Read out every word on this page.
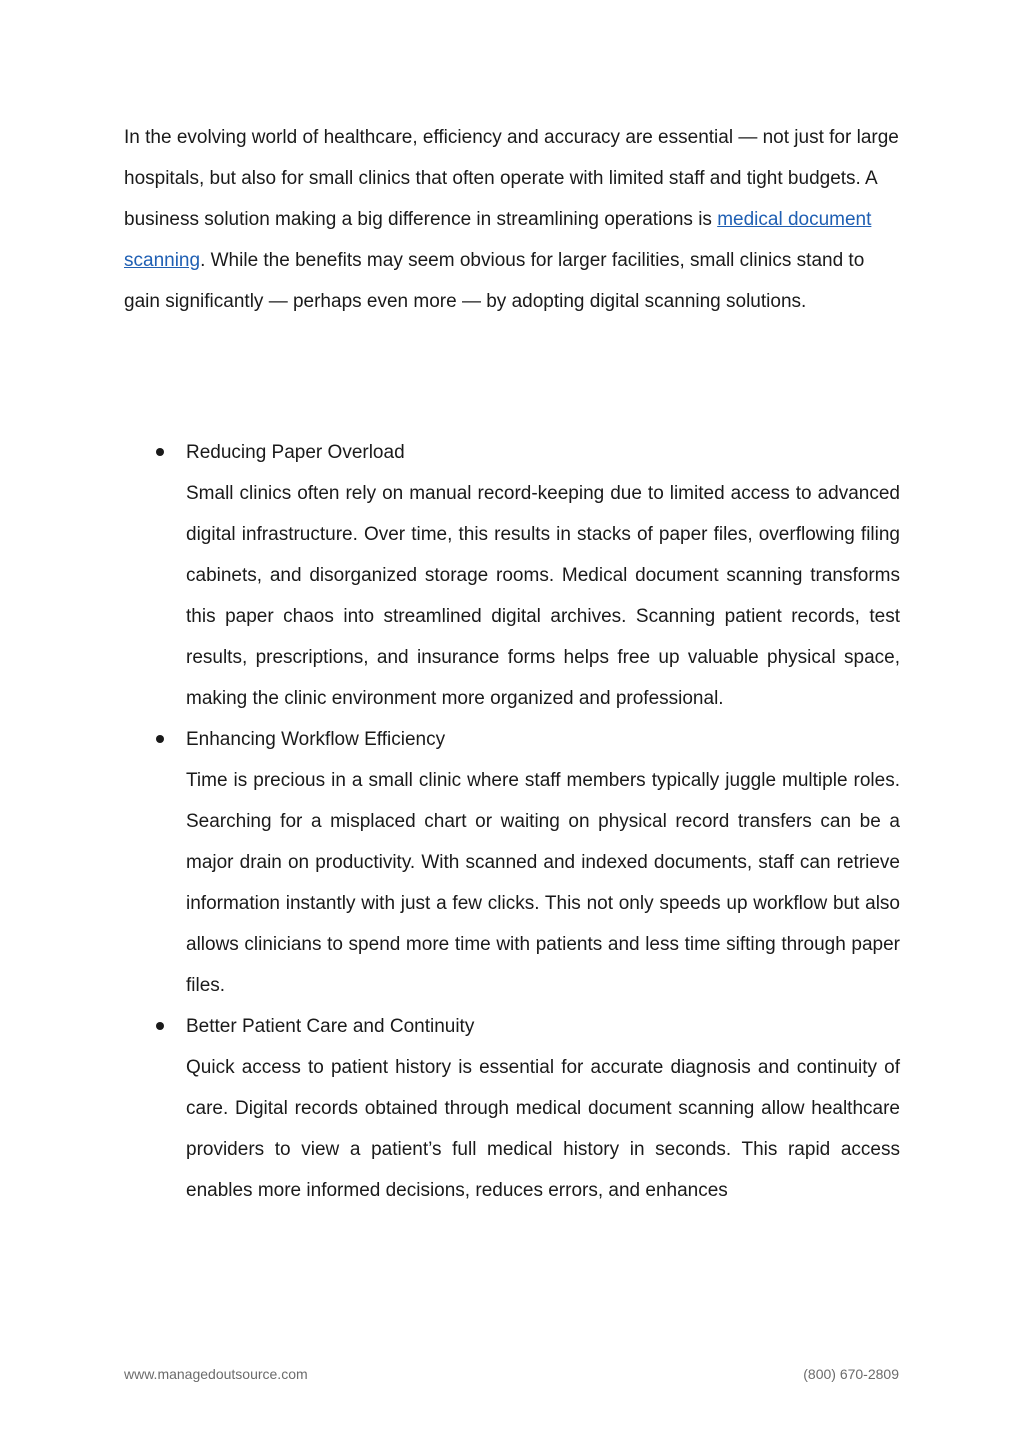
In the evolving world of healthcare, efficiency and accuracy are essential — not just for large hospitals, but also for small clinics that often operate with limited staff and tight budgets. A business solution making a big difference in streamlining operations is medical document scanning. While the benefits may seem obvious for larger facilities, small clinics stand to gain significantly — perhaps even more — by adopting digital scanning solutions.

Reducing Paper Overload

Small clinics often rely on manual record-keeping due to limited access to advanced digital infrastructure. Over time, this results in stacks of paper files, overflowing filing cabinets, and disorganized storage rooms. Medical document scanning transforms this paper chaos into streamlined digital archives. Scanning patient records, test results, prescriptions, and insurance forms helps free up valuable physical space, making the clinic environment more organized and professional.

Enhancing Workflow Efficiency

Time is precious in a small clinic where staff members typically juggle multiple roles. Searching for a misplaced chart or waiting on physical record transfers can be a major drain on productivity. With scanned and indexed documents, staff can retrieve information instantly with just a few clicks. This not only speeds up workflow but also allows clinicians to spend more time with patients and less time sifting through paper files.

Better Patient Care and Continuity

Quick access to patient history is essential for accurate diagnosis and continuity of care. Digital records obtained through medical document scanning allow healthcare providers to view a patient’s full medical history in seconds. This rapid access enables more informed decisions, reduces errors, and enhances

www.managedoutsource.com	(800) 670-2809
